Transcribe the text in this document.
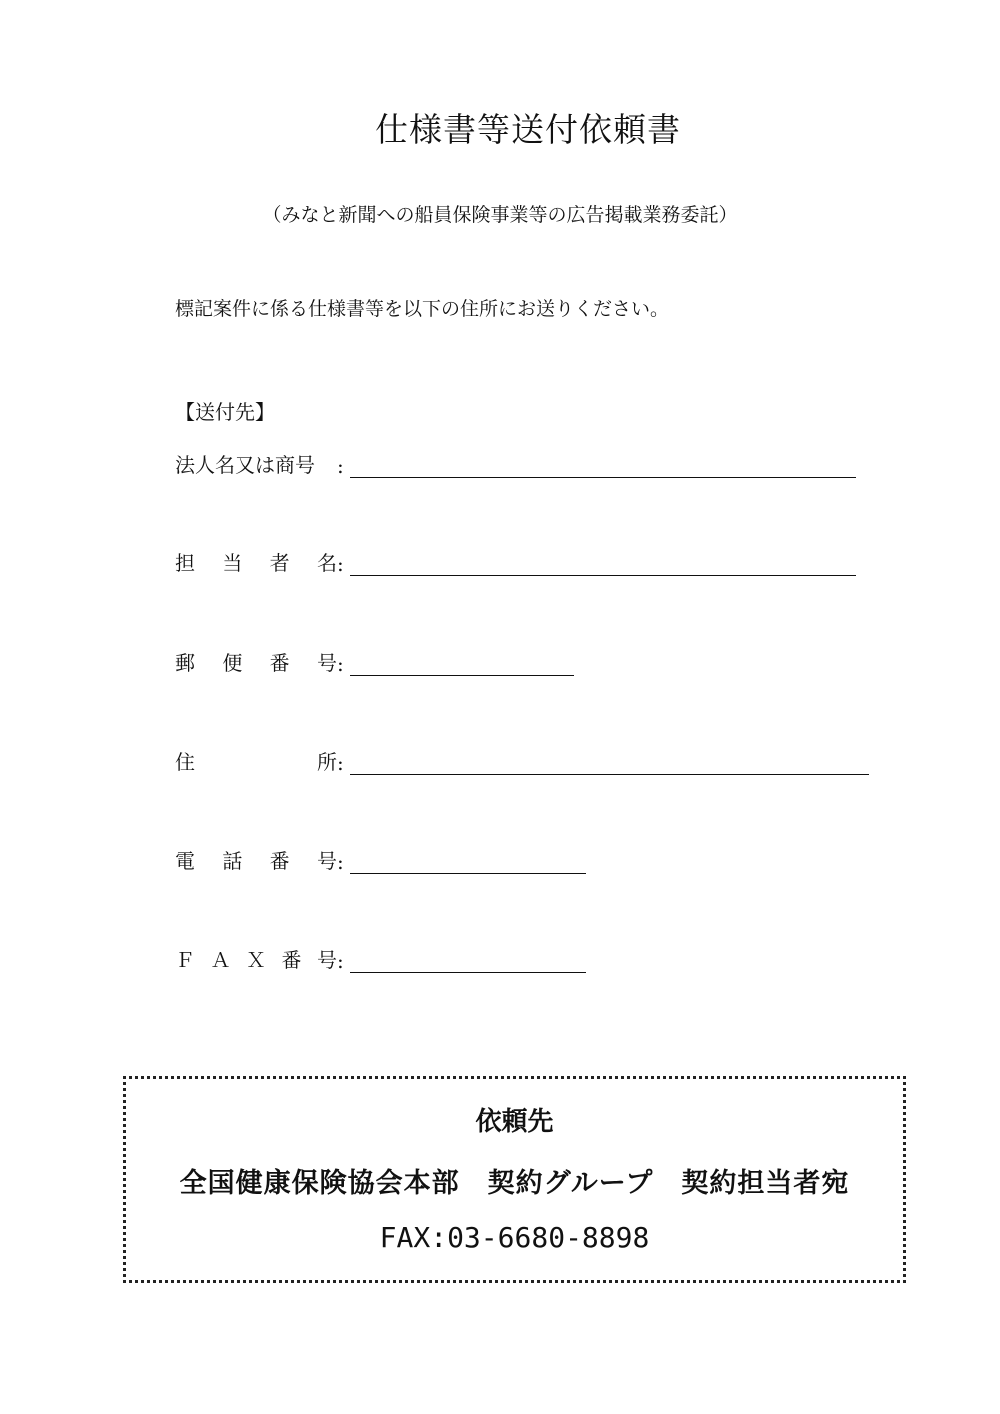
仕様書等送付依頼書
（みなと新聞への船員保険事業等の広告掲載業務委託）
標記案件に係る仕様書等を以下の住所にお送りください。
【送付先】
法人名又は商号 :
担 当 者 名 :
郵 便 番 号 :
住	所 :
電 話 番 号 :
Ｆ Ａ Ｘ 番 号 :
依頼先
全国健康保険協会本部　契約グループ　契約担当者宛
FAX:03-6680-8898
